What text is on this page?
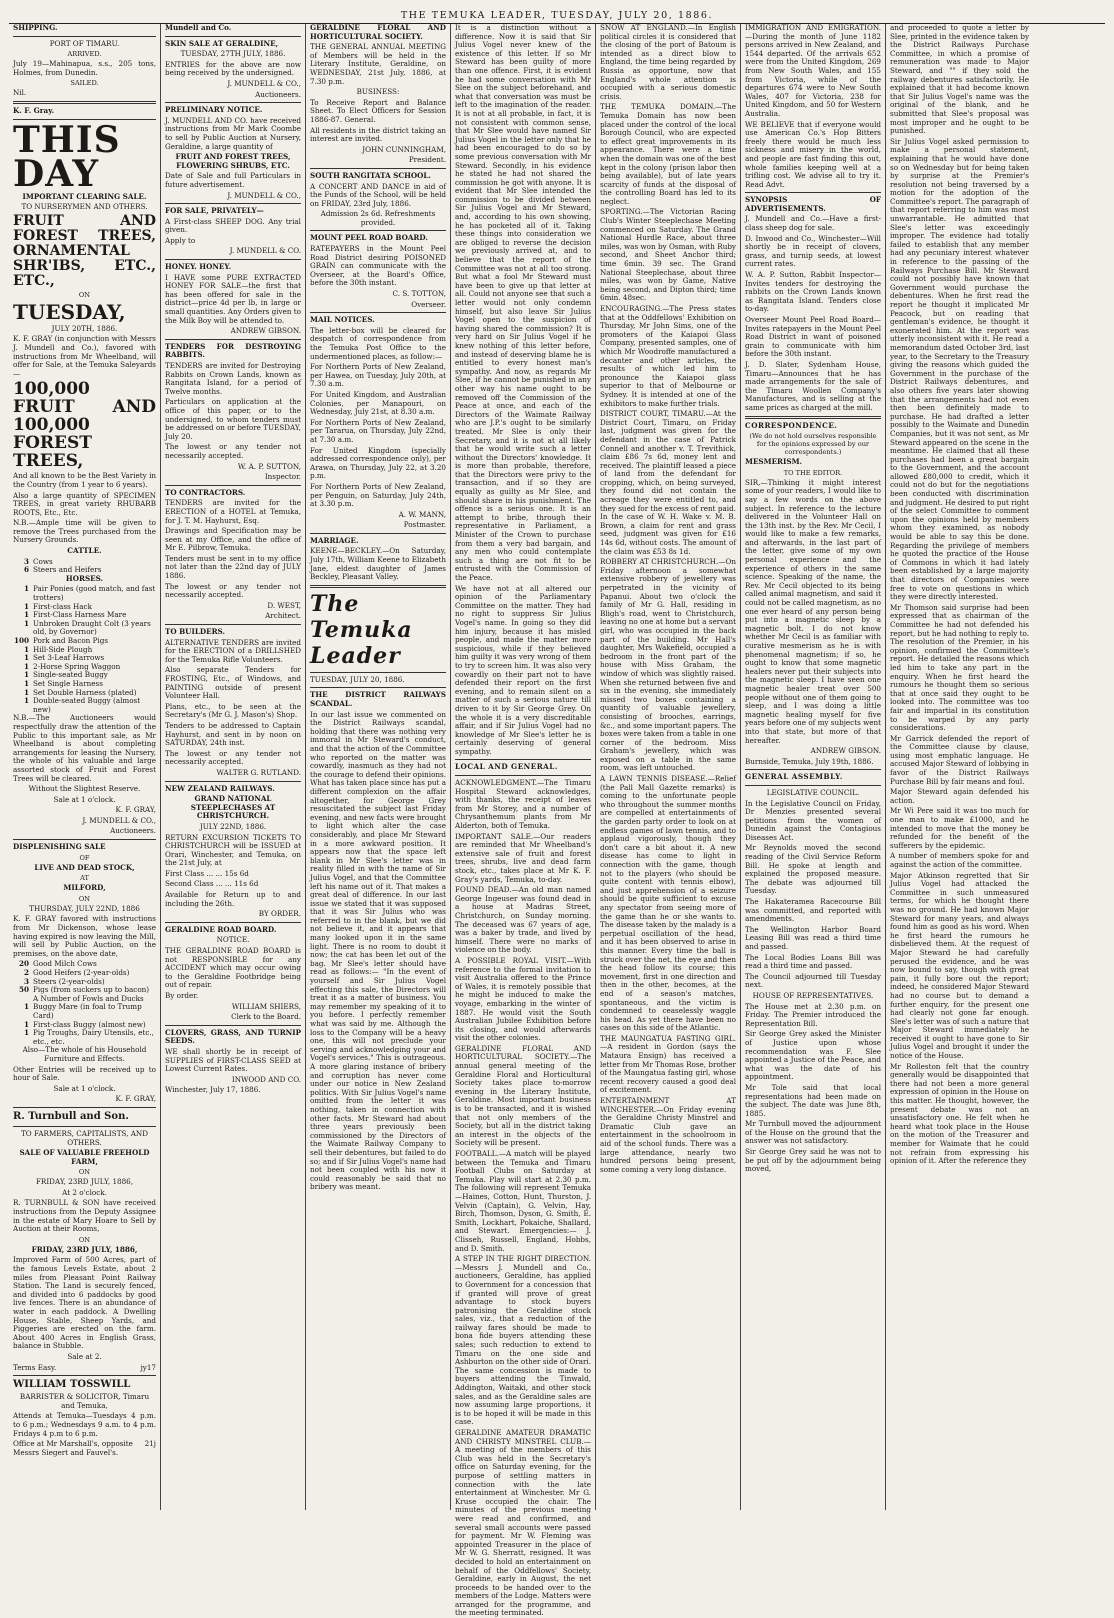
THE TEMUKA LEADER, TUESDAY, JULY 20, 1886.

SHIPPING.

PORT OF TIMARU.

ARRIVED.

July 19—Mahinapua, s.s., 205 tons, Holmes, from Dunedin.

SAILED.

Nil.

K. F. Gray.

THIS DAY

IMPORTANT CLEARING SALE.

TO NURSERYMEN AND OTHERS.

FRUIT AND FOREST TREES, ORNAMENTAL SHR'IBS, ETC., ETC.,

ON

TUESDAY,

JULY 20TH, 1886.

K. F. GRAY (in conjunction with Messrs J. Mundell and Co.), favored with instructions from Mr Wheelband, will offer for Sale, at the Temuka Saleyards—

100,000 FRUIT AND 100,000 FOREST TREES,

And all known to be the Best Variety in the Country (from 1 year to 6 years).

Also a large quantity of SPECIMEN TREES, in great variety RHUBARB ROOTS, Etc., Etc.

N.B.—Ample time will be given to remove the Trees purchased from the Nursery Grounds.

CATTLE.

3 Cows
6 Steers and Heifers

HORSES.

1 Pair Ponies (good match, and fast trotters)
1 First-class Hack
1 First-Class Harness Mare
1 Unbroken Draught Colt (3 years old, by Governor)
100 Pork and Bacon Pigs
1 Hill-Side Plough
1 Set 3-Leaf Harrows
1 2-Horse Spring Waggon
1 Single-seated Buggy
1 Set Single Harness
1 Set Double Harness (plated)
1 Double-seated Buggy (almost new)

N.B.—The Auctioneers would respectfully draw the attention of the Public to this important sale, as Mr Wheelband is about completing arrangements for leasing the Nursery, the whole of his valuable and large assorted stock of Fruit and Forest Trees will be cleared.

Without the Slightest Reserve.

Sale at 1 o'clock.

K. F. GRAY,

J. MUNDELL & CO.,

Auctioneers.

DISPLENISHING SALE

OF

LIVE AND DEAD STOCK,

AT

MILFORD,

ON

THURSDAY, JULY 22ND, 1886

K. F. GRAY favored with instructions from Mr Dickenson, whose lease having expired is now leaving the Mill, will sell by Public Auction, on the premises, on the above date,

20 Good Milch Cows
2 Good Heifers (2-year-olds)
3 Steers (2-year-olds)
50 Pigs (from suckers up to bacon)
A Number of Fowls and Ducks
1 Buggy Mare (in foal to Trump Card)
1 First-class Buggy (almost new)
1 Pig Troughs, Dairy Utensils, etc., etc., etc.

Also—The whole of his Household Furniture and Effects.

Other Entries will be received up to hour of Sale.

Sale at 1 o'clock.

K. F. GRAY,

R. Turnbull and Son.

TO FARMERS, CAPITALISTS, AND OTHERS.

SALE OF VALUABLE FREEHOLD FARM,

ON

FRIDAY, 23RD JULY, 1886,

At 2 o'clock.

R. TURNBULL & SON have received instructions from the Deputy Assignee in the estate of Mary Hoare to Sell by Auction at their Rooms,

ON

FRIDAY, 23RD JULY, 1886,

Improved Farm of 500 Acres, part of the famous Levels Estate, about 2 miles from Pleasant Point Railway Station. The Land is securely fenced, and divided into 6 paddocks by good live fences. There is an abundance of water in each paddock. A Dwelling House, Stable, Sheep Yards, and Piggeries are erected on the farm. About 400 Acres in English Grass, balance in Stubble.

Sale at 2.

Terms Easy.	jy17

WILLIAM TOSSWILL

BARRISTER & SOLICITOR, Timaru and Temuka,

Attends at Temuka—Tuesdays 4 p.m. to 6 p.m.; Wednesdays 9 a.m. to 4 p.m. Fridays 4 p.m to 6 p.m.

Office at Mr Marshall's, opposite Messrs Siegert and Fauvel's.
21j

Mundell and Co.

SKIN SALE AT GERALDINE,

TUESDAY, 27TH JULY, 1886.

ENTRIES for the above are now being received by the undersigned.

J. MUNDELL & CO.,

Auctioneers.

PRELIMINARY NOTICE.

J. MUNDELL AND CO. have received instructions from Mr Mark Coombe to sell by Public Auction at Nursery, Geraldine, a large quantity of

FRUIT AND FOREST TREES, FLOWERING SHRUBS, ETC.

Date of Sale and full Particulars in future advertisement.

J. MUNDELL & CO.,

FOR SALE, PRIVATELY—

A First-class SHEEP DOG. Any trial given.

Apply to

J. MUNDELL & CO.

HONEY. HONEY.

I HAVE some PURE EXTRACTED HONEY FOR SALE—the first that has been offered for sale in the district—price 4d per lb, in large or small quantities. Any Orders given to the Milk Boy will be attended to.

ANDREW GIBSON.

TENDERS FOR DESTROYING RABBITS.

TENDERS are invited for Destroying Rabbits on Crown Lands, known as Rangitata Island, for a period of Twelve months.

Particulars on application at the office of this paper, or to the undersigned, to whom tenders must be addressed on or before TUESDAY, July 20.

The lowest or any tender not necessarily accepted.

W. A. P. SUTTON,

Inspector.

TO CONTRACTORS.

TENDERS are invited for the ERECTION of a HOTEL at Temuka, for J. T. M. Hayhurst, Esq.

Drawings and Specification may be seen at my Office, and the office of Mr E. Pilbrow, Temuka.

Tenders must be sent in to my office not later than the 22nd day of JULY 1886.

The lowest or any tender not necessarily accepted.

D. WEST,

Architect.

TO BUILDERS.

ALTERNATIVE TENDERS are invited for the ERECTION of a DRILLSHED for the Temuka Rifle Volunteers.

Also separate Tenders for FROSTING, Etc., of Windows, and PAINTING outside of present Volunteer Hall.

Plans, etc., to be seen at the Secretary's (Mr G. J. Mason's) Shop.

Tenders to be addressed to Captain Hayhurst, and sent in by noon on SATURDAY, 24th inst.

The lowest or any tender not necessarily accepted.

WALTER G. RUTLAND.

NEW ZEALAND RAILWAYS.

GRAND NATIONAL STEEPLECHASES AT CHRISTCHURCH.

JULY 22ND, 1886.

RETURN EXCURSION TICKETS TO CHRISTCHURCH will be ISSUED at Orari, Winchester, and Temuka, on the 21st July, at

First Class ... ... 15s 6d

Second Class ... ... 11s 6d

Available for Return up to and including the 26th.

BY ORDER.

GERALDINE ROAD BOARD.

NOTICE.

THE GERALDINE ROAD BOARD is not RESPONSIBLE for any ACCIDENT which may occur owing to the Geraldine Footbridge being out of repair.

By order.

WILLIAM SHIERS,

Clerk to the Board.

CLOVERS, GRASS, AND TURNIP SEEDS.

WE shall shortly be in receipt of SUPPLIES of FIRST-CLASS SEED at Lowest Current Rates.

INWOOD AND CO.

Winchester, July 17, 1886.

GERALDINE FLORAL AND HORTICULTURAL SOCIETY.

THE GENERAL ANNUAL MEETING of Members will be held in the Literary Institute, Geraldine, on WEDNESDAY, 21st July, 1886, at 7.30 p.m.

BUSINESS:

To Receive Report and Balance Sheet. To Elect Officers for Session 1886-87. General.

All residents in the district taking an interest are invited.

JOHN CUNNINGHAM,

President.

SOUTH RANGITATA SCHOOL.

A CONCERT AND DANCE in aid of the Funds of the School, will be held on FRIDAY, 23rd July, 1886.

Admission 2s 6d. Refreshments provided.

MOUNT PEEL ROAD BOARD.

RATEPAYERS in the Mount Peel Road District desiring POISONED GRAIN can communicate with the Overseer, at the Board's Office, before the 30th instant.

C. S. TOTTON,

Overseer.

MAIL NOTICES.

The letter-box will be cleared for despatch of correspondence from the Temuka Post Office to the undermentioned places, as follow:—

For Northern Ports of New Zealand, per Hawea, on Tuesday, July 20th, at 7.30 a.m.

For United Kingdom, and Australian Colonies, per Manapouri, on Wednesday, July 21st, at 8.30 a.m.

For Northern Ports of New Zealand, per Tararua, on Thursday, July 22nd, at 7.30 a.m.

For United Kingdom (specially addressed correspondence only), per Arawa, on Thursday, July 22, at 3.20 p.m.

For Northern Ports of New Zealand, per Penguin, on Saturday, July 24th, at 3.30 p.m.

A. W. MANN,

Postmaster.

MARRIAGE.

KEENE—BECKLEY.—On Saturday, July 17th, William Keene to Elizabeth Jane, eldest daughter of James Beckley, Pleasant Valley.

The Temuka Leader

TUESDAY, JULY 20, 1886.

THE DISTRICT RAILWAYS SCANDAL.

In our last issue we commented on the District Railways scandal, holding that there was nothing very immoral in Mr Steward's conduct, and that the action of the Committee who reported on the matter was cowardly, inasmuch as they had not the courage to defend their opinions. What has taken place since has put a different complexion on the affair altogether, for George Grey resuscitated the subject last Friday evening, and new facts were brought to light which alter the case considerably, and place Mr Steward in a more awkward position. It appears now that the space left blank in Mr Slee's letter was in reality filled in with the name of Sir Julius Vogel, and that the Committee left his name out of it. That makes a great deal of difference. In our last issue we stated that it was supposed that it was Sir Julius who was referred to in the blank, but we did not believe it, and it appears that many looked upon it in the same light. There is no room to doubt it now; the cat has been let out of the bag. Mr Slee's letter should have read as follows:— "In the event of yourself and Sir Julius Vogel effecting this sale, the Directors will treat it as a matter of business. You may remember my speaking of it to you before. I perfectly remember what was said by me. Although the loss to the Company will be a heavy one, this will not preclude your serving and acknowledging your and Vogel's services." This is outrageous. A more glaring instance of bribery and corruption has never come under our notice in New Zealand politics. With Sir Julius Vogel's name omitted from the letter it was nothing, taken in connection with other facts. Mr Steward had about three years previously been commissioned by the Directors of the Waimate Railway Company to sell their debentures, but failed to do so; and if Sir Julius Vogel's name had not been coupled with his now it could reasonably be said that no bribery was meant.

It is a distinction without a difference. Now it is said that Sir Julius Vogel never knew of the existence of this letter. If so Mr Steward has been guilty of more than one offence. First, it is evident he had some conversation with Mr Slee on the subject beforehand, and what that conversation was must be left to the imagination of the reader. It is not at all probable, in fact, it is not consistent with common sense, that Mr Slee would have named Sir Julius Vogel in the letter only that he had been encouraged to do so by some previous conversation with Mr Steward. Secondly, in his evidence he stated he had not shared the commission he got with anyone. It is evident that Mr Slee intended the commission to be divided between Sir Julius Vogel and Mr Steward, and, according to his own showing, he has pocketed all of it. Taking these things into consideration we are obliged to reverse the decision we previously arrived at, and to believe that the report of the Committee was not at all too strong. But what a fool Mr Steward must have been to give up that letter at all. Could not anyone see that such a letter would not only condemn himself, but also leave Sir Julius Vogel open to the suspicion of having shared the commission? It is very hard on Sir Julius Vogel if he knew nothing of this letter before, and instead of deserving blame he is entitled to every honest man's sympathy. And now, as regards Mr Slee, if he cannot be punished in any other way his name ought to be removed off the Commission of the Peace at once, and each of the Directors of the Waimate Railway who are J.P.'s ought to be similarly treated. Mr Slee is only their Secretary, and it is not at all likely that he would write such a letter without the Directors' knowledge. It is more than probable, therefore, that the Directors were privy to the transaction, and if so they are equally as guilty as Mr Slee, and should share in his punishment. The offence is a serious one. It is an attempt to bribe, through their representative in Parliament, a Minister of the Crown to purchase from them a very bad bargain, and any men who could contemplate such a thing are not fit to be entrusted with the Commission of the Peace.

We have not at all altered our opinion of the Parliamentary Committee on the matter. They had no right to suppress Sir Julius Vogel's name. In going so they did him injury, because it has misled people, and made the matter more suspicious, while if they believed him guilty it was very wrong of them to try to screen him. It was also very cowardly on their part not to have defended their report on the first evening, and to remain silent on a matter of such a serious nature till driven to it by Sir George Grey. On the whole it is a very discreditable affair, and if Sir Julius Vogel had no knowledge of Mr Slee's letter he is certainly deserving of general sympathy.

LOCAL AND GENERAL.

ACKNOWLEDGMENT.—The Timaru Hospital Steward acknowledges, with thanks, the receipt of leaves from Mr Storey, and a number of Chrysanthemum plants from Mr Alderton, both of Temuka.

IMPORTANT SALE.—Our readers are reminded that Mr Wheelband's extensive sale of fruit and forest trees, shrubs, live and dead farm stock, etc., takes place at Mr K. F. Gray's yards, Temuka, to-day.

FOUND DEAD.—An old man named George Ingeuser was found dead in a house at Madras Street, Christchurch, on Sunday morning. The deceased was 67 years of age, was a baker by trade, and lived by himself. There were no marks of violence on the body.

A POSSIBLE ROYAL VISIT.—With reference to the formal invitation to visit Australia offered to the Prince of Wales, it is remotely possible that he might be induced to make the voyage, embarking in the winter of 1887. He would visit the South Australian Jubilee Exhibition before its closing, and would afterwards visit the other colonies.

GERALDINE FLORAL AND HORTICULTURAL SOCIETY.—The annual general meeting of the Geraldine Floral and Horticultural Society takes place to-morrow evening in the Literary Institute, Geraldine. Most important business is to be transacted, and it is wished that not only members of the Society, but all in the district taking an interest in the objects of the Society will be present.

FOOTBALL.—A match will be played between the Temuka and Timaru Football Clubs on Saturday at Temuka. Play will start at 2.30 p.m. The following will represent Temuka—Haines, Cotton, Hunt, Thurston, J. Velvin (Captain), G. Velvin, Hay, Birch, Thomson, Dyson, G. Smith, E. Smith, Lockhart, Pokaiche, Shallard, and Stewart. Emergencies:— J. Clisseh, Russell, England, Hobbs, and D. Smith.

A STEP IN THE RIGHT DIRECTION.—Messrs J. Mundell and Co., auctioneers, Geraldine, has applied to Government for a concession that if granted will prove of great advantage to stock buyers patronising the Geraldine stock sales, viz., that a reduction of the railway fares should be made to bona fide buyers attending these sales; such reduction to extend to Timaru on the one side and Ashburton on the other side of Orari. The same concession is made to buyers attending the Tinwald, Addington, Waitaki, and other stock sales, and as the Geraldine sales are now assuming large proportions, it is to be hoped it will be made in this case.

GERALDINE AMATEUR DRAMATIC AND CHRISTY MINSTREL CLUB.—A meeting of the members of this Club was held in the Secretary's office on Saturday evening, for the purpose of settling matters in connection with the late entertainment at Winchester. Mr G. Kruse occupied the chair. The minutes of the previous meeting were read and confirmed, and several small accounts were passed for payment. Mr W. Fleming was appointed Treasurer in the place of Mr W. G. Sherratt, resigned. It was decided to hold an entertainment on behalf of the Oddfellows' Society, Geraldine, early in August, the net proceeds to be handed over to the members of the Lodge. Matters were arranged for the programme, and the meeting terminated.

SNOW AT ENGLAND.—In English political circles it is considered that the closing of the port of Batoum is intended as a direct blow to England, the time being regarded by Russia as opportune, now that England's whole attention is occupied with a serious domestic crisis.

THE TEMUKA DOMAIN.—The Temuka Domain has now been placed under the control of the local Borough Council, who are expected to effect great improvements in its appearance. There were a time when the domain was one of the best kept in the colony (prison labor then being available), but of late years scarcity of funds at the disposal of the controlling Board has led to its neglect.

SPORTING.—The Victorian Racing Club's Winter Steeplechase Meeting commenced on Saturday. The Grand National Hurdle Race, about three miles, was won by Osman, with Ruby second, and Sheet Anchor third; time 6min. 39 sec. The Grand National Steeplechase, about three miles, was won by Game, Native being second, and Dipton third; time 6min. 48sec.

ENCOURAGING.—The Press states that at the Oddfellows' Exhibition on Thursday, Mr John Sims, one of the promoters of the Kaiapoi Glass Company, presented samples, one of which Mr Woodroffe manufactured a decanter and other articles, the results of which led him to pronounce the Kaiapoi glass superior to that of Melbourne or Sydney. It is intended at one of the exhibitors to make further trials.

DISTRICT COURT, TIMARU.—At the District Court, Timaru, on Friday last, judgment was given for the defendant in the case of Patrick Connell and another v. T. Trevithick, claim £86 7s 6d, money lent and received. The plaintiff leased a piece of land from the defendant for cropping, which, on being surveyed, they found did not contain the acreage they were entitled to, and they sued for the excess of rent paid. In the case of W. H. Wake v. M. B. Brown, a claim for rent and grass seed, judgment was given for £16 14s 6d, without costs. The amount of the claim was £53 8s 1d.

ROBBERY AT CHRISTCHURCH.—On Friday afternoon a somewhat extensive robbery of jewellery was perpetrated in the vicinity of Papanui. About two o'clock the family of Mr G. Hall, residing in Bligh's road, went to Christchurch, leaving no one at home but a servant girl, who was occupied in the back part of the building. Mr Hall's daughter, Mrs Wakefield, occupied a bedroom in the front part of the house with Miss Graham, the window of which was slightly raised. When she returned between five and six in the evening, she immediately missed two boxes containing a quantity of valuable jewellery, consisting of brooches, earrings, &c., and some important papers. The boxes were taken from a table in one corner of the bedroom. Miss Graham's jewellery, which was exposed on a table in the same room, was left untouched.

A LAWN TENNIS DISEASE.—Relief (the Pall Mall Gazette remarks) is coming to the unfortunate people who throughout the summer months are compelled at entertainments of the garden party order to look on at endless games of lawn tennis, and to applaud vigorously, though they don't care a bit about it. A new disease has come to light in connection with the game, though not to the players (who should be quite content with tennis elbow), and just apprehension of a seizure should be quite sufficient to excuse any spectator from seeing more of the game than he or she wants to. The disease taken by the malady is a perpetual oscillation of the head, and it has been observed to arise in this manner. Every time the ball is struck over the net, the eye and then the head follow its course; this movement, first in one direction and then in the other, becomes, at the end of a season's matches, spontaneous, and the victim is condemned to ceaselessly waggle his head. As yet there have been no cases on this side of the Atlantic.

THE MAUNGATUA FASTING GIRL.—A resident in Gordon (says the Mataura Ensign) has received a letter from Mr Thomas Rose, brother of the Maungatua fasting girl, whose recent recovery caused a good deal of excitement.

ENTERTAINMENT AT WINCHESTER.—On Friday evening the Geraldine Christy Minstrel and Dramatic Club gave an entertainment in the schoolroom in aid of the school funds. There was a large attendance, nearly two hundred persons being present, some coming a very long distance.

IMMIGRATION AND EMIGRATION.—During the month of June 1182 persons arrived in New Zealand, and 1544 departed. Of the arrivals 652 were from the United Kingdom, 269 from New South Wales, and 155 from Victoria, while of the departures 674 were to New South Wales, 407 for Victoria, 238 for United Kingdom, and 50 for Western Australia.

WE BELIEVE that if everyone would use American Co.'s Hop Bitters freely there would be much less sickness and misery in the world, and people are fast finding this out, whole families keeping well at a trifling cost. We advise all to try it. Read Advt.

SYNOPSIS OF ADVERTISEMENTS.

J. Mundell and Co.—Have a first-class sheep dog for sale.

D. Inwood and Co., Winchester—Will shortly be in receipt of clovers, grass, and turnip seeds, at lowest current rates.

W. A. P. Sutton, Rabbit Inspector—Invites tenders for destroying the rabbits on the Crown Lands known as Rangitata Island. Tenders close to-day.

Overseer Mount Peel Road Board—Invites ratepayers in the Mount Peel Road District in want of poisoned grain to communicate with him before the 30th instant.

J. D. Slater, Sydenham House, Timaru—Announces that he has made arrangements for the sale of the Timaru Woollen Company's Manufactures, and is selling at the same prices as charged at the mill.

CORRESPONDENCE.

(We do not hold ourselves responsible for the opinions expressed by our correspondents.)

MESMERISM.

TO THE EDITOR.

SIR,—Thinking it might interest some of your readers, I would like to say a few words on the above subject. In reference to the lecture delivered in the Volunteer Hall on the 13th inst. by the Rev. Mr Cecil, I would like to make a few remarks, and afterwards, in the last part of the letter, give some of my own personal experience and the experience of others in the same science. Speaking of the name, the Rev. Mr Cecil objected to its being called animal magnetism, and said it could not be called magnetism, as no one ever heard of any person being put into a magnetic sleep by a magnetic bolt. I do not know whether Mr Cecil is as familiar with curative mesmerism as he is with phenomenal magnetism; if so, he ought to know that some magnetic healers never put their subjects into the magnetic sleep. I have seen one magnetic healer treat over 500 people without one of them going to sleep, and I was doing a little magnetic healing myself for five years before one of my subjects went into that state, but more of that hereafter.

ANDREW GIBSON.

Burnside, Temuka, July 19th, 1886.

GENERAL ASSEMBLY.

LEGISLATIVE COUNCIL.

In the Legislative Council on Friday, Dr Menzies presented several petitions from the women of Dunedin against the Contagious Diseases Act.

Mr Reynolds moved the second reading of the Civil Service Reform Bill. He spoke at length and explained the proposed measure. The debate was adjourned till Tuesday.

The Hakateramea Racecourse Bill was committed, and reported with amendments.

The Wellington Harbor Board Leasing Bill was read a third time and passed.

The Local Bodies Loans Bill was read a third time and passed.

The Council adjourned till Tuesday next.

HOUSE OF REPRESENTATIVES.

The House met at 2.30 p.m. on Friday. The Premier introduced the Representation Bill.

Sir George Grey asked the Minister of Justice upon whose recommendation was F. Slee appointed a Justice of the Peace, and what was the date of his appointment.

Mr Tole said that local representations had been made on the subject. The date was June 8th, 1885.

Mr Turnbull moved the adjournment of the House on the ground that the answer was not satisfactory.

Sir George Grey said he was not to be put off by the adjournment being moved,

and proceeded to quote a letter by Slee, printed in the evidence taken by the District Railways Purchase Committee, in which a promise of remuneration was made to Major Steward, and "" if they sold the railway debentures satisfactorily. He explained that it had become known that Sir Julius Vogel's name was the original of the blank, and he submitted that Slee's proposal was most improper and he ought to be punished.

Sir Julius Vogel asked permission to make a personal statement, explaining that he would have done so on Wednesday but for being taken by surprise at the Premier's resolution not being traversed by a motion for the adoption of the Committee's report. The paragraph of that report referring to him was most unwarrantable. He admitted that Slee's letter was exceedingly improper. The evidence had totally failed to establish that any member had any pecuniary interest whatever in reference to the passing of the Railways Purchase Bill. Mr Steward could not possibly have known that Government would purchase the debentures. When he first read the report he thought it implicated Mr Peacock, but on reading that gentleman's evidence, he thought it exonerated him. At the report was utterly inconsistent with it. He read a memorandum dated October 3rd, last year, to the Secretary to the Treasury giving the reasons which guided the Government in the purchase of the District Railways debentures, and also others five years later showing that the arrangements had not even then been definitely made to purchase. He had drafted a letter possibly to the Waimate and Dunedin Companies, but it was not sent, as Mr Steward appeared on the scene in the meantime. He claimed that all these purchases had been a great bargain to the Government, and the account allowed £80,000 to credit, which it could not do but for the negotiations been conducted with discrimination and judgment. He desired to put right of the select Committee to comment upon the opinions held by members whom they examined, as nobody would be able to say this be done. Regarding the privilege of members he quoted the practice of the House of Commons in which it had lately been established by a large majority that directors of Companies were free to vote on questions in which they were directly interested.

Mr Thomson said surprise had been expressed that as chairman of the Committee he had not defended his report, but he had nothing to reply to. The resolution of the Premier, in his opinion, confirmed the Committee's report. He detailed the reasons which led him to take any part in the enquiry. When he first heard the rumours he thought them so serious that at once said they ought to be looked into. The committee was too fair and impartial in its constitution to be warped by any party considerations.

Mr Garrick defended the report of the Committee clause by clause, using most emphatic language. He accused Major Steward of lobbying in favor of the District Railways Purchase Bill by fair means and foul.

Major Steward again defended his action.

Mr Wi Pere said it was too much for one man to make £1000, and he intended to move that the money be refunded for the benefit of the sufferers by the epidemic.

A number of members spoke for and against the action of the committee.

Major Atkinson regretted that Sir Julius Vogel had attacked the Committee in such unmeasured terms, for which he thought there was no ground. He had known Major Steward for many years, and always found him as good as his word. When he first heard the rumours he disbelieved them. At the request of Major Steward he had carefully perused the evidence, and he was now bound to say, though with great pain, it fully bore out the report; indeed, he considered Major Steward had no course but to demand a further enquiry, for the present one had clearly not gone far enough. Slee's letter was of such a nature that Major Steward immediately he received it ought to have gone to Sir Julius Vogel and brought it under the notice of the House.

Mr Rolleston felt that the country generally would be disappointed that there had not been a more general expression of opinion in the House on this matter. He thought, however, the present debate was not an unsatisfactory one. He felt when he heard what took place in the House on the motion of the Treasurer and member for Waimate that he could not refrain from expressing his opinion of it. After the reference they
